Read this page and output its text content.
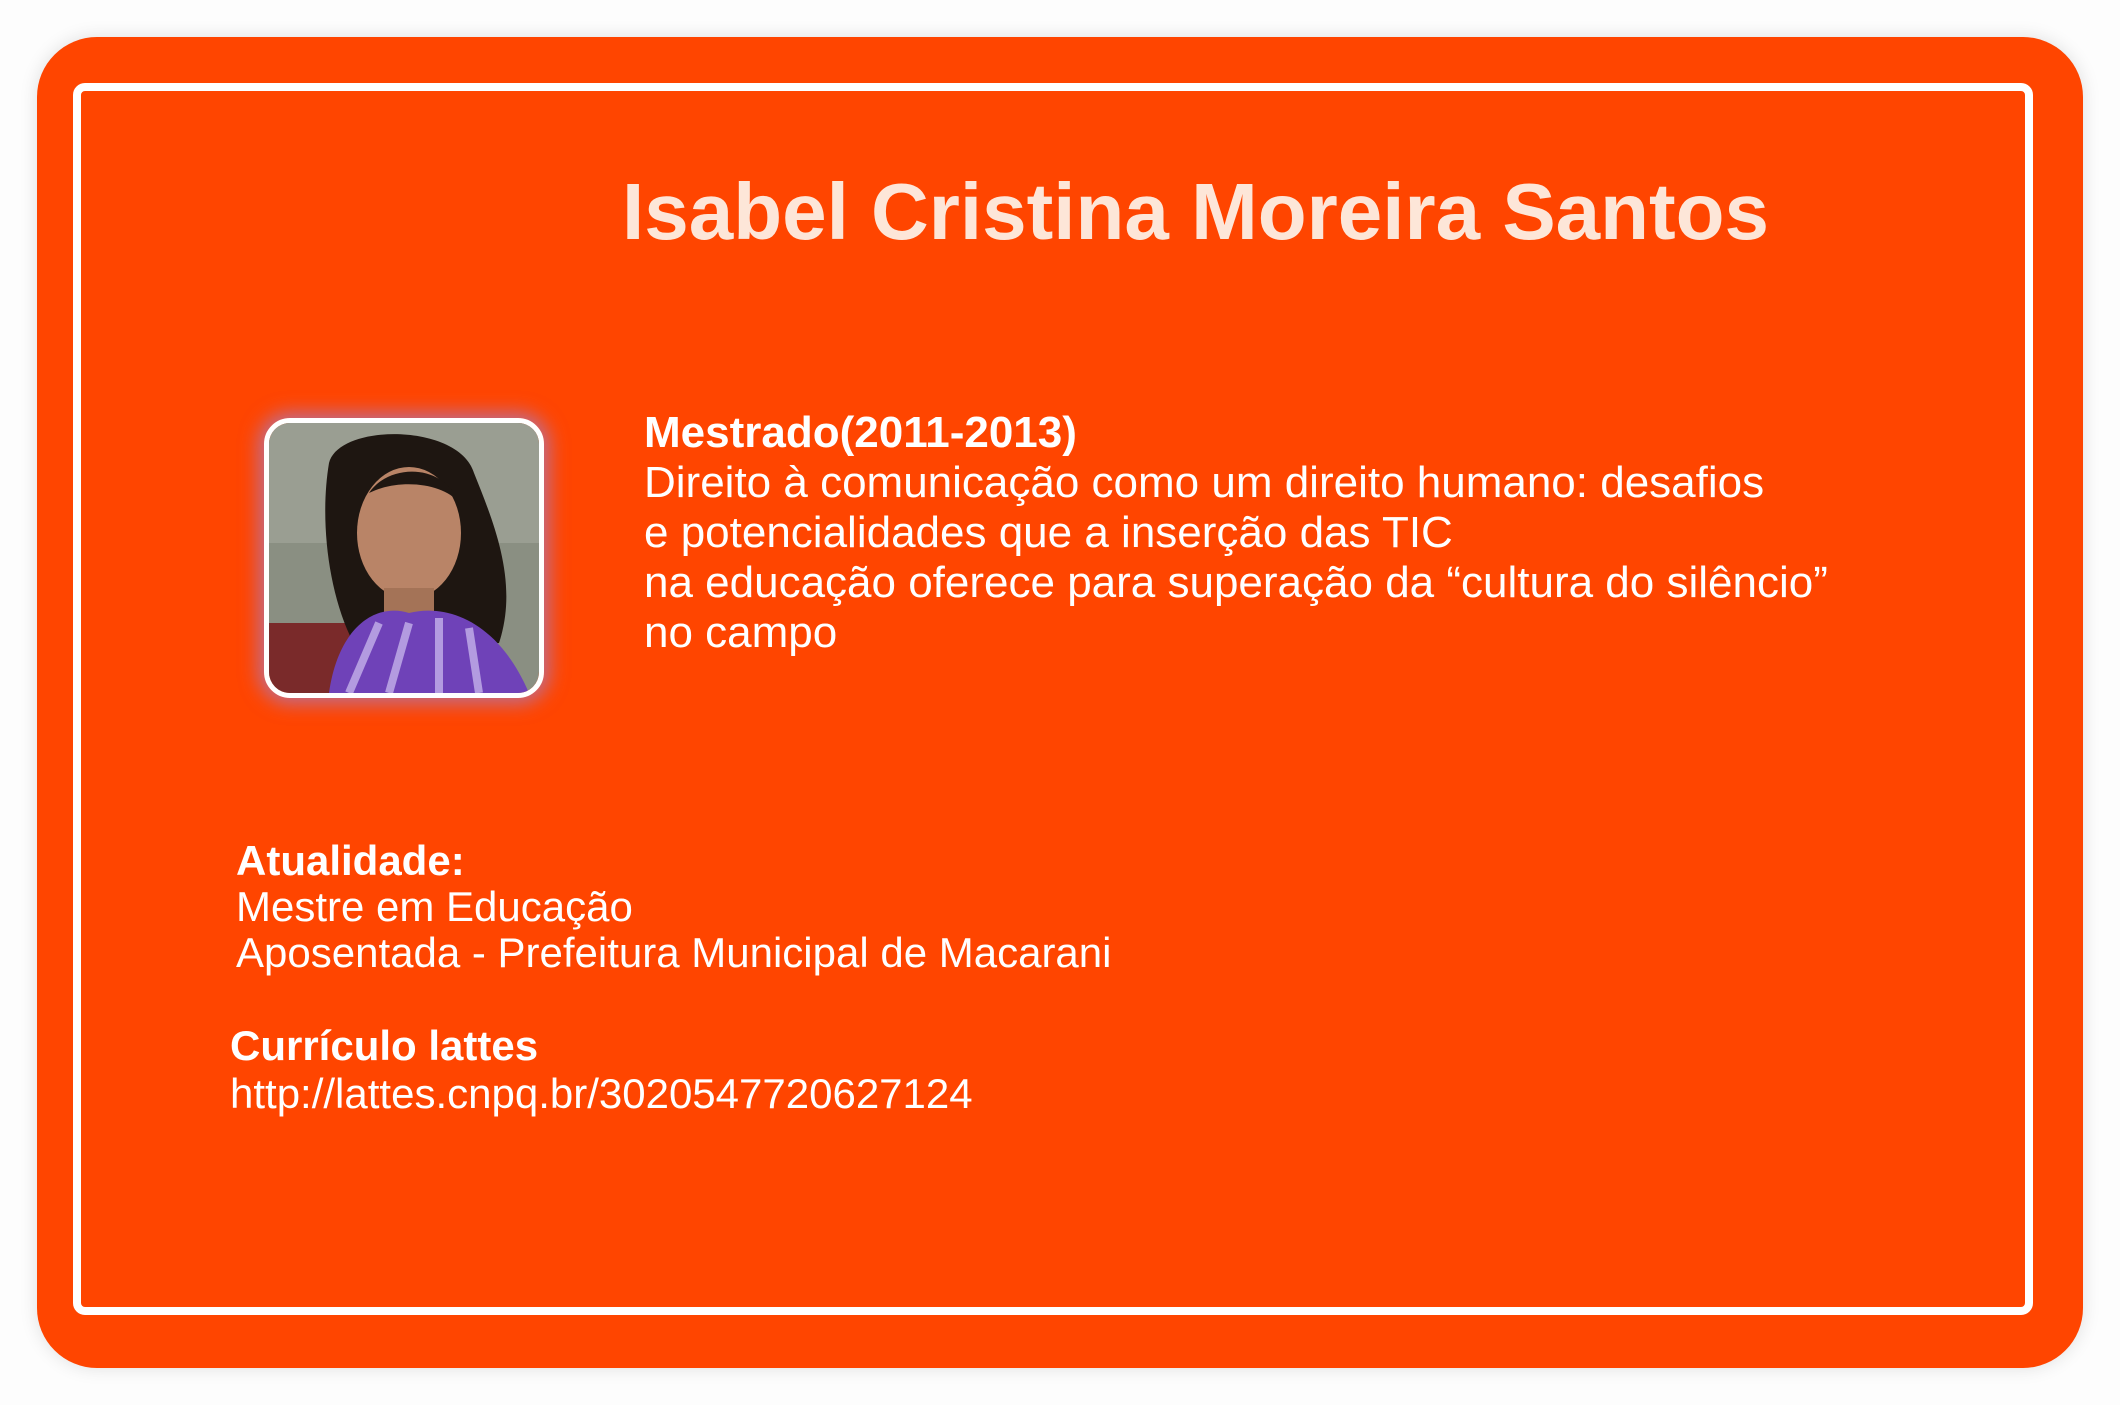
Isabel Cristina Moreira Santos
Mestrado(2011-2013)
Direito à comunicação como um direito humano: desafios
e potencialidades que a inserção das TIC
na educação oferece para superação da “cultura do silêncio”
no campo
Atualidade:
Mestre em Educação
Aposentada - Prefeitura Municipal de Macarani
Currículo lattes
http://lattes.cnpq.br/3020547720627124
